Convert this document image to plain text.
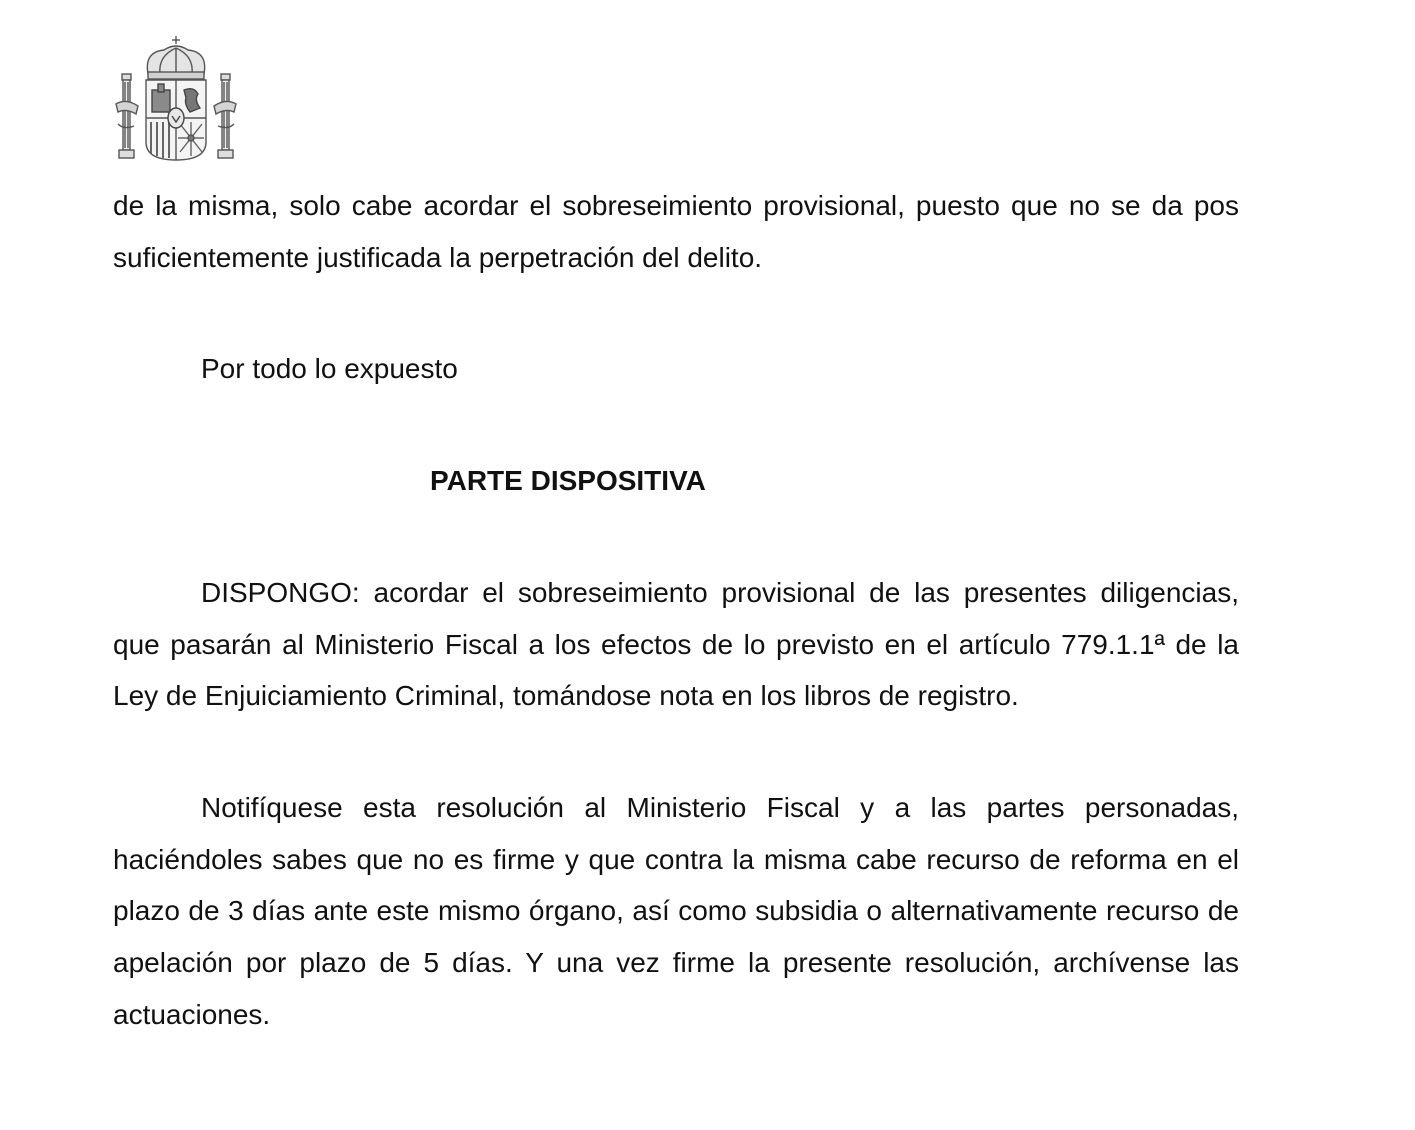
de la misma, solo cabe acordar el sobreseimiento provisional, puesto que no se da pos suficientemente justificada la perpetración del delito.

Por todo lo expuesto

PARTE DISPOSITIVA

DISPONGO: acordar el sobreseimiento provisional de las presentes diligencias, que pasarán al Ministerio Fiscal a los efectos de lo previsto en el artículo 779.1.1ª de la Ley de Enjuiciamiento Criminal, tomándose nota en los libros de registro.

Notifíquese esta resolución al Ministerio Fiscal y a las partes personadas, haciéndoles sabes que no es firme y que contra la misma cabe recurso de reforma en el plazo de 3 días ante este mismo órgano, así como subsidia o alternativamente recurso de apelación por plazo de 5 días. Y una vez firme la presente resolución, archívense las actuaciones.
